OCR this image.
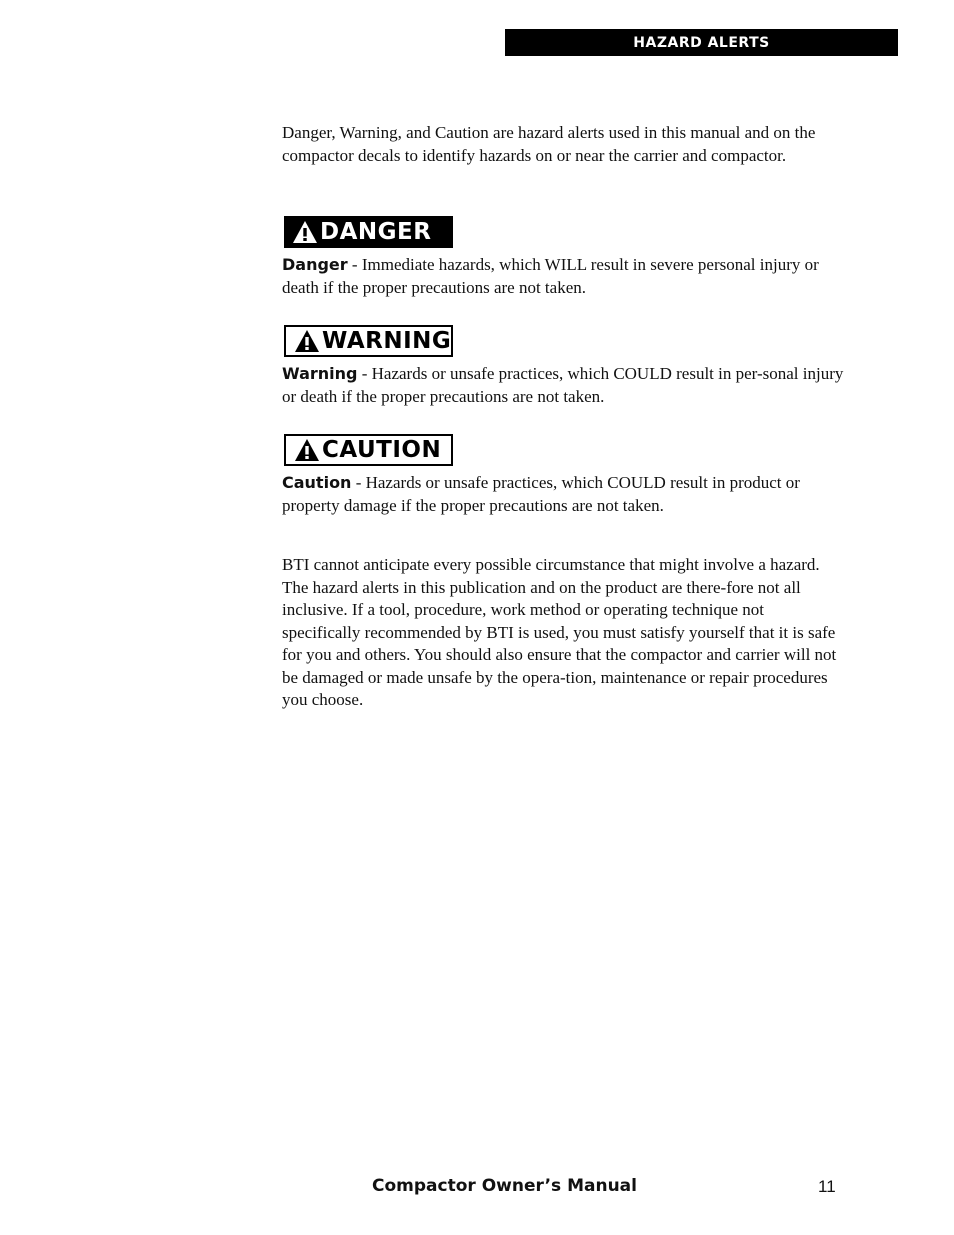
HAZARD ALERTS

Danger, Warning, and Caution are hazard alerts used in this manual and on the compactor decals to identify hazards on or near the carrier and compactor.

DANGER

Danger - Immediate hazards, which WILL result in severe personal injury or death if the proper precautions are not taken.

WARNING

Warning - Hazards or unsafe practices, which COULD result in per-sonal injury or death if the proper precautions are not taken.

CAUTION

Caution - Hazards or unsafe practices, which COULD result in product or property damage if the proper precautions are not taken.

BTI cannot anticipate every possible circumstance that might involve a hazard. The hazard alerts in this publication and on the product are there-fore not all inclusive. If a tool, procedure, work method or operating technique not specifically recommended by BTI is used, you must satisfy yourself that it is safe for you and others. You should also ensure that the compactor and carrier will not be damaged or made unsafe by the opera-tion, maintenance or repair procedures you choose.

Compactor Owner’s Manual	11
